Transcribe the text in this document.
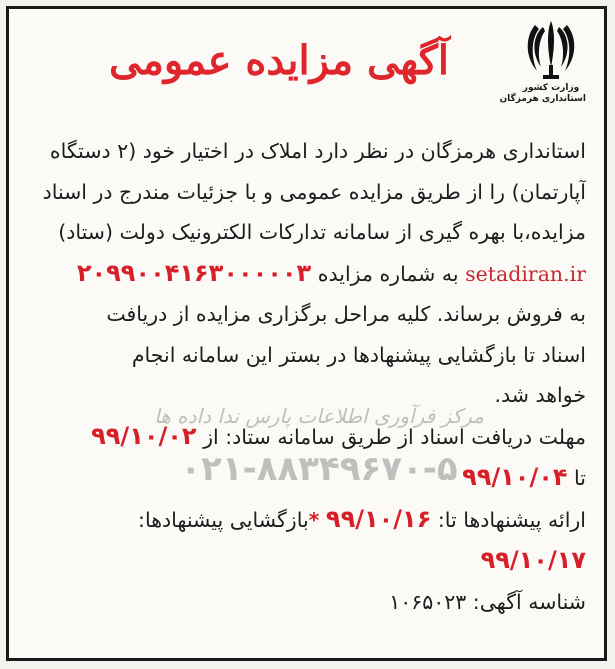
وزارت کشور
استانداری هرمزگان
آگهی مزایده عمومی
مرکز فرآوری اطلاعات پارس ندا داده ها
۰۲۱-۸۸۳۴۹۶۷۰-۵
استانداری هرمزگان در نظر دارد املاک در اختیار خود (۲ دستگاه
آپارتمان) را از طریق مزایده عمومی و با جزئیات مندرج در اسناد
مزایده،با بهره گیری از سامانه تدارکات الکترونیک دولت (ستاد)
setadiran.ir به شماره مزایده ۲۰۹۹۰۰۴۱۶۳۰۰۰۰۰۳
به فروش برساند. کلیه مراحل برگزاری مزایده از دریافت
اسناد تا بازگشایی پیشنهادها در بستر این سامانه انجام
خواهد شد.
مهلت دریافت اسناد از طریق سامانه ستاد: از ۹۹/۱۰/۰۲
تا ۹۹/۱۰/۰۴
ارائه پیشنهادها تا: ۹۹/۱۰/۱۶ *بازگشایی پیشنهادها:
۹۹/۱۰/۱۷
شناسه آگهی: ۱۰۶۵۰۲۳
